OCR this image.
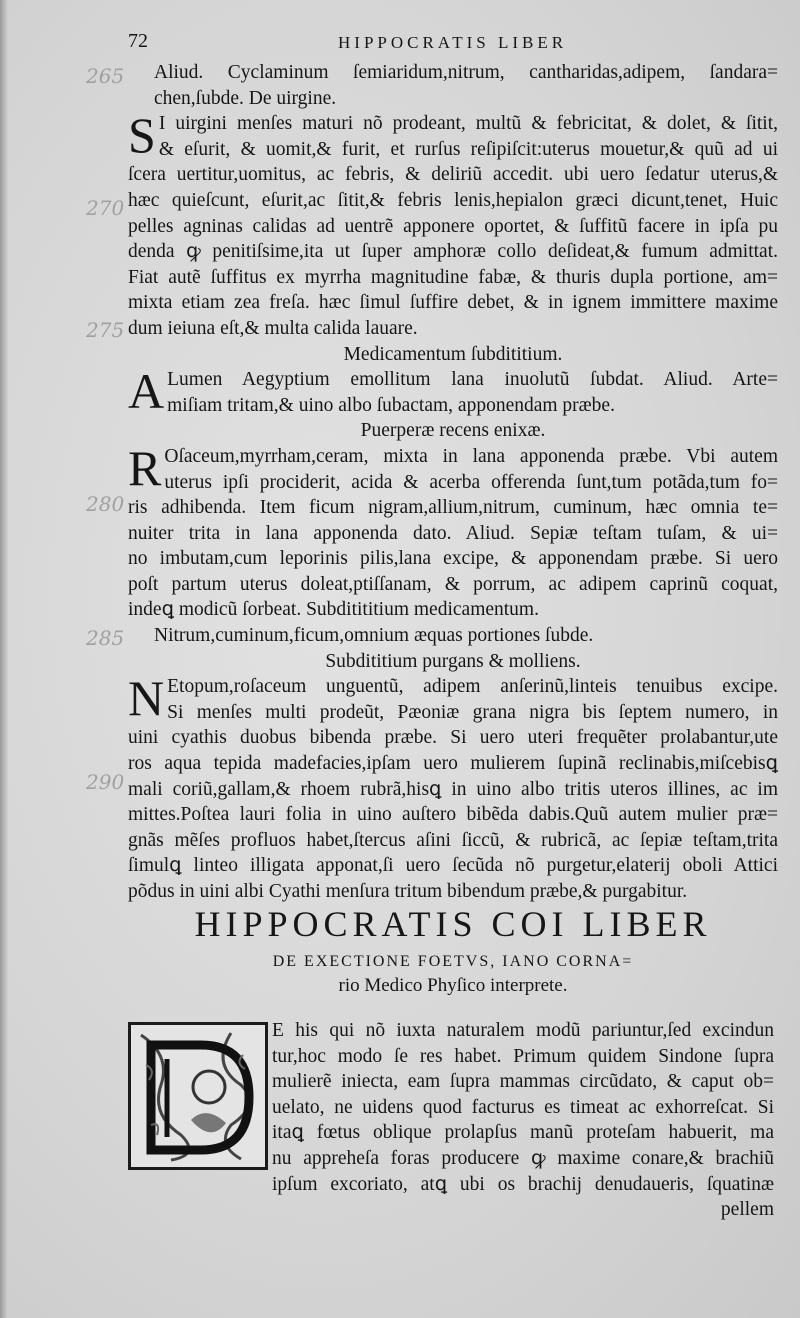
72	HIPPOCRATIS LIBER
265
270
275
280
285
290
Aliud. Cyclaminum ſemiaridum,nitrum, cantharidas,adipem, ſandara=
chen,ſubde. De uirgine.
S I uirgini menſes maturi nõ prodeant, multũ & febricitat, & dolet, & ſitit,
& eſurit, & uomit,& furit, et rurſus reſipiſcit:uterus mouetur,& quũ ad ui
ſcera uertitur,uomitus, ac febris, & deliriũ accedit. ubi uero ſedatur uterus,&
hæc quieſcunt, eſurit,ac ſitit,& febris lenis,hepialon græci dicunt,tenet, Huic
pelles agninas calidas ad uentrẽ apponere oportet, & ſuffitũ facere in ipſa pu
denda ꝙ penitiſsime,ita ut ſuper amphoræ collo deſideat,& fumum admittat.
Fiat autẽ ſuffitus ex myrrha magnitudine fabæ, & thuris dupla portione, am=
mixta etiam zea freſa. hæc ſimul ſuffire debet, & in ignem immittere maxime
dum ieiuna eſt,& multa calida lauare.
Medicamentum ſubdititium.
A Lumen Aegyptium emollitum lana inuolutũ ſubdat. Aliud. Arte=
miſiam tritam,& uino albo ſubactam, apponendam præbe.
Puerperæ recens enixæ.
R Oſaceum,myrrham,ceram, mixta in lana apponenda præbe. Vbi autem
uterus ipſi prociderit, acida & acerba offerenda ſunt,tum potãda,tum fo=
ris adhibenda. Item ficum nigram,allium,nitrum, cuminum, hæc omnia te=
nuiter trita in lana apponenda dato. Aliud. Sepiæ teſtam tuſam, & ui=
no imbutam,cum leporinis pilis,lana excipe, & apponendam præbe. Si uero
poſt partum uterus doleat,ptiſſanam, & porrum, ac adipem caprinũ coquat,
indeꝗ modicũ ſorbeat. Subditititium medicamentum.
Nitrum,cuminum,ficum,omnium æquas portiones ſubde.
Subdititium purgans & molliens.
N Etopum,roſaceum unguentũ, adipem anſerinũ,linteis tenuibus excipe.
Si menſes multi prodeũt, Pæoniæ grana nigra bis ſeptem numero, in
uini cyathis duobus bibenda præbe. Si uero uteri frequẽter prolabantur,ute
ros aqua tepida madefacies,ipſam uero mulierem ſupinã reclinabis,miſcebisꝗ
mali coriũ,gallam,& rhoem rubrã,hisꝗ in uino albo tritis uteros illines, ac im
mittes.Poſtea lauri folia in uino auſtero bibẽda dabis.Quũ autem mulier præ=
gnãs mẽſes profluos habet,ſtercus aſini ſiccũ, & rubricã, ac ſepiæ teſtam,trita
ſimulꝗ linteo illigata apponat,ſi uero ſecũda nõ purgetur,elaterij oboli Attici
põdus in uini albi Cyathi menſura tritum bibendum præbe,& purgabitur.
HIPPOCRATIS COI LIBER
DE EXECTIONE FOETVS, IANO CORNA=
rio Medico Phyſico interprete.
E his qui nõ iuxta naturalem modũ pariuntur,ſed excindun
tur,hoc modo ſe res habet. Primum quidem Sindone ſupra
mulierẽ iniecta, eam ſupra mammas circũdato, & caput ob=
uelato, ne uidens quod facturus es timeat ac exhorreſcat. Si
itaꝗ fœtus oblique prolapſus manũ proteſam habuerit, ma
nu appreheſa foras producere ꝙ maxime conare,& brachiũ
ipſum excoriato, atꝗ ubi os brachij denudaueris, ſquatinæ
pellem
